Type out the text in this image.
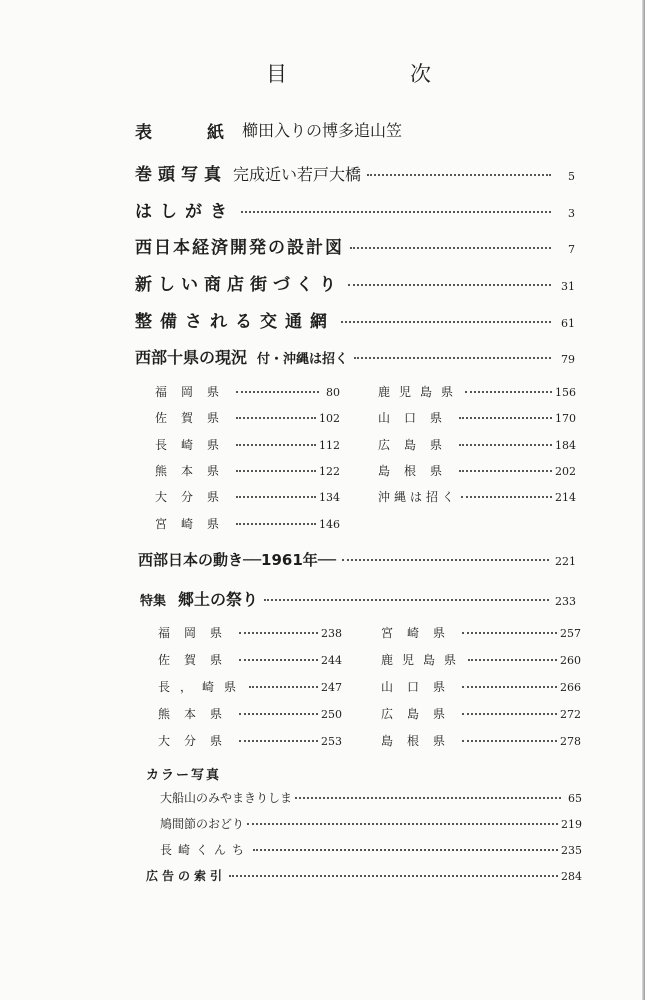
目	次
表	紙 櫛田入りの博多追山笠
巻頭写真 完成近い若戸大橋	5
はしがき	3
西日本経済開発の設計図	7
新しい商店街づくり	31
整備される交通網	61
西部十県の現況 付・沖縄は招く	79
福岡県	80
佐賀県	102
長崎県	112
熊本県	122
大分県	134
宮崎県	146
鹿児島県	156
山口県	170
広島県	184
島根県	202
沖縄は招く	214
西部日本の動き──1961年──	221
特集 郷土の祭り	233
福岡県	238
佐賀県	244
長，崎県	247
熊本県	250
大分県	253
宮崎県	257
鹿児島県	260
山口県	266
広島県	272
島根県	278
カラー写真
大船山のみやまきりしま	65
鳩間節のおどり	219
長崎くんち	235
広告の索引	284
